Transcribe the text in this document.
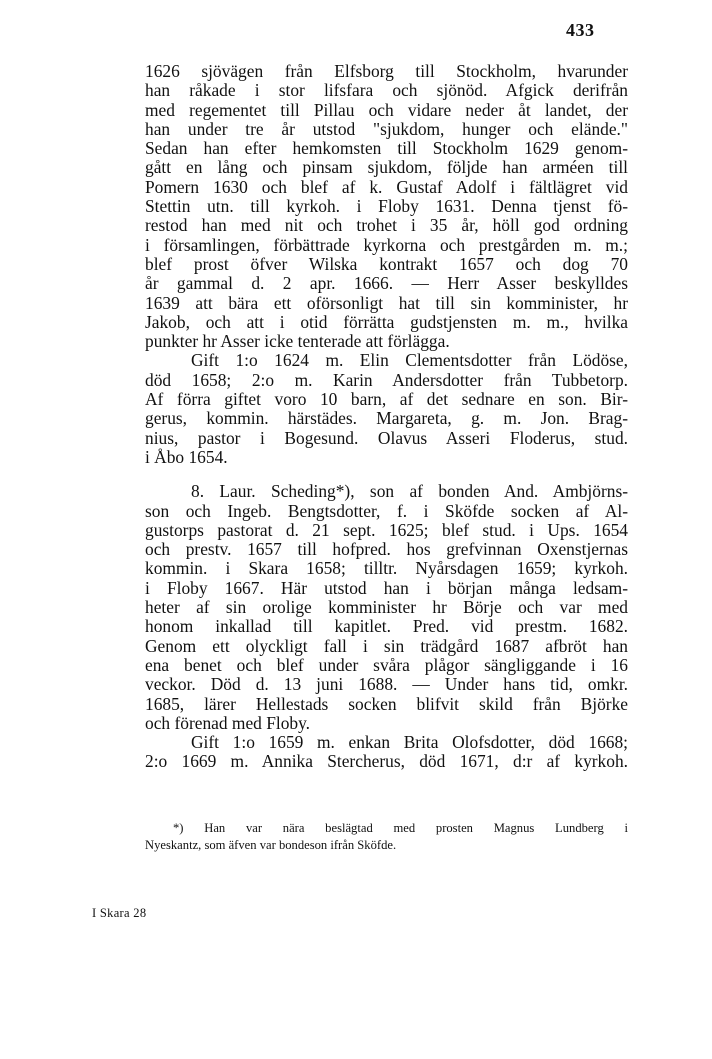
433
1626 sjövägen från Elfsborg till Stockholm, hvarunder
han råkade i stor lifsfara och sjönöd. Afgick derifrån
med regementet till Pillau och vidare neder åt landet, der
han under tre år utstod "sjukdom, hunger och elände."
Sedan han efter hemkomsten till Stockholm 1629 genom-
gått en lång och pinsam sjukdom, följde han arméen till
Pomern 1630 och blef af k. Gustaf Adolf i fältlägret vid
Stettin utn. till kyrkoh. i Floby 1631. Denna tjenst fö-
restod han med nit och trohet i 35 år, höll god ordning
i församlingen, förbättrade kyrkorna och prestgården m. m.;
blef prost öfver Wilska kontrakt 1657 och dog 70
år gammal d. 2 apr. 1666. — Herr Asser beskylldes
1639 att bära ett oförsonligt hat till sin komminister, hr
Jakob, och att i otid förrätta gudstjensten m. m., hvilka
punkter hr Asser icke tenterade att förlägga.
Gift 1:o 1624 m. Elin Clementsdotter från Lödöse,
död 1658; 2:o m. Karin Andersdotter från Tubbetorp.
Af förra giftet voro 10 barn, af det sednare en son. Bir-
gerus, kommin. härstädes. Margareta, g. m. Jon. Brag-
nius, pastor i Bogesund. Olavus Asseri Floderus, stud.
i Åbo 1654.
8. Laur. Scheding*), son af bonden And. Ambjörns-
son och Ingeb. Bengtsdotter, f. i Sköfde socken af Al-
gustorps pastorat d. 21 sept. 1625; blef stud. i Ups. 1654
och prestv. 1657 till hofpred. hos grefvinnan Oxenstjernas
kommin. i Skara 1658; tilltr. Nyårsdagen 1659; kyrkoh.
i Floby 1667. Här utstod han i början många ledsam-
heter af sin orolige komminister hr Börje och var med
honom inkallad till kapitlet. Pred. vid prestm. 1682.
Genom ett olyckligt fall i sin trädgård 1687 afbröt han
ena benet och blef under svåra plågor sängliggande i 16
veckor. Död d. 13 juni 1688. — Under hans tid, omkr.
1685, lärer Hellestads socken blifvit skild från Björke
och förenad med Floby.
Gift 1:o 1659 m. enkan Brita Olofsdotter, död 1668;
2:o 1669 m. Annika Stercherus, död 1671, d:r af kyrkoh.
*) Han var nära beslägtad med prosten Magnus Lundberg i
Nyeskantz, som äfven var bondeson ifrån Sköfde.
I Skara 28
